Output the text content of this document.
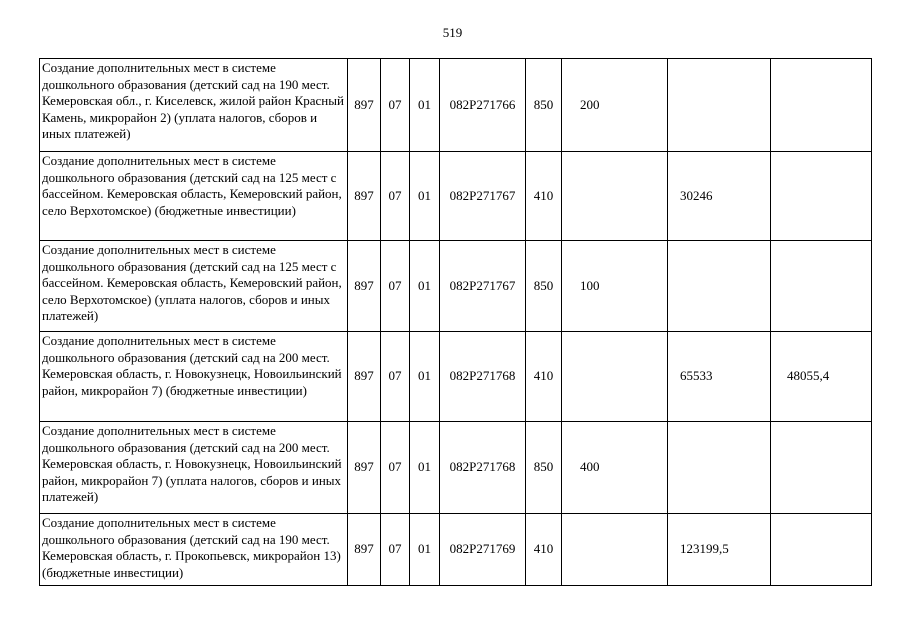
519
Создание дополнительных мест в системе дошкольного образования (детский сад на 190 мест. Кемеровская обл., г. Киселевск, жилой район Красный Камень, микрорайон 2) (уплата налогов, сборов и иных платежей)	897	07	01	082P271766	850	200		
Создание дополнительных мест в системе дошкольного образования (детский сад на 125 мест с бассейном. Кемеровская область, Кемеровский район, село Верхотомское) (бюджетные инвестиции)	897	07	01	082P271767	410		30246	
Создание дополнительных мест в системе дошкольного образования (детский сад на 125 мест с бассейном. Кемеровская область, Кемеровский район, село Верхотомское) (уплата налогов, сборов и иных платежей)	897	07	01	082P271767	850	100		
Создание дополнительных мест в системе дошкольного образования (детский сад на 200 мест. Кемеровская область, г. Новокузнецк, Новоильинский район, микрорайон 7) (бюджетные инвестиции)	897	07	01	082P271768	410		65533	48055,4
Создание дополнительных мест в системе дошкольного образования (детский сад на 200 мест. Кемеровская область, г. Новокузнецк, Новоильинский район, микрорайон 7) (уплата налогов, сборов и иных платежей)	897	07	01	082P271768	850	400		
Создание дополнительных мест в системе дошкольного образования (детский сад на 190 мест. Кемеровская область, г. Прокопьевск, микрорайон 13) (бюджетные инвестиции)	897	07	01	082P271769	410		123199,5	
